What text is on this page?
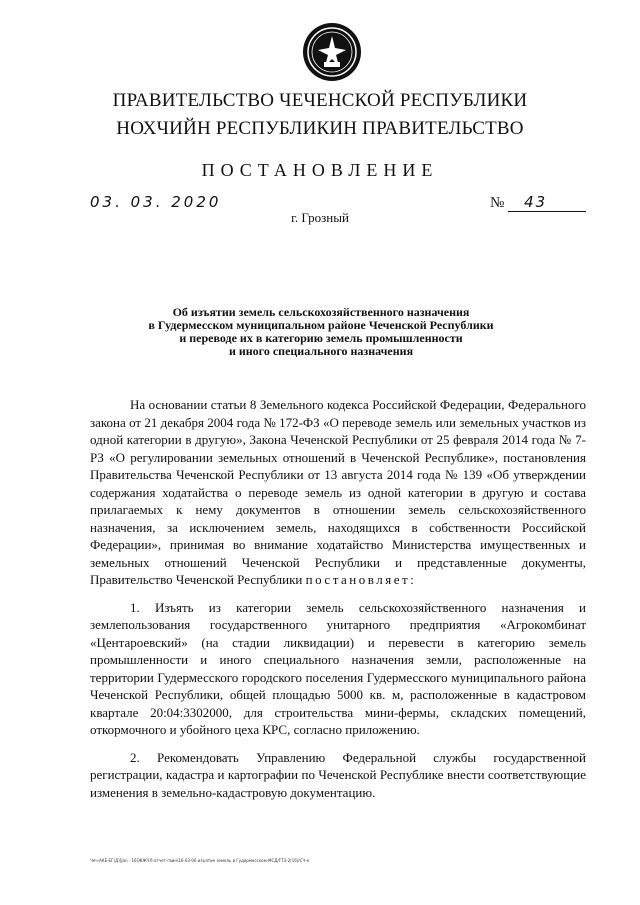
ПРАВИТЕЛЬСТВО ЧЕЧЕНСКОЙ РЕСПУБЛИКИ
НОХЧИЙН РЕСПУБЛИКИН ПРАВИТЕЛЬСТВО
ПОСТАНОВЛЕНИЕ
03. 03. 2020	№ 43
г. Грозный
Об изъятии земель сельскохозяйственного назначения
в Гудермесском муниципальном районе Чеченской Республики
и переводе их в категорию земель промышленности
и иного специального назначения

На основании статьи 8 Земельного кодекса Российской Федерации, Федерального закона от 21 декабря 2004 года № 172-ФЗ «О переводе земель или земельных участков из одной категории в другую», Закона Чеченской Республики от 25 февраля 2014 года № 7-РЗ «О регулировании земельных отношений в Чеченской Республике», постановления Правительства Чеченской Республики от 13 августа 2014 года № 139 «Об утверждении содержания ходатайства о переводе земель из одной категории в другую и состава прилагаемых к нему документов в отношении земель сельскохозяйственного назначения, за исключением земель, находящихся в собственности Российской Федерации», принимая во внимание ходатайство Министерства имущественных и земельных отношений Чеченской Республики и представленные документы, Правительство Чеченской Республики постановляет:

1. Изъять из категории земель сельскохозяйственного назначения и землепользования государственного унитарного предприятия «Агрокомбинат «Центароевский» (на стадии ликвидации) и перевести в категорию земель промышленности и иного специального назначения земли, расположенные на территории Гудермесского городского поселения Гудермесского муниципального района Чеченской Республики, общей площадью 5000 кв. м, расположенные в кадастровом квартале 20:04:3302000, для строительства мини-фермы, складских помещений, откормочного и убойного цеха КРС, согласно приложению.

2. Рекомендовать Управлению Федеральной службы государственной регистрации, кадастра и картографии по Чеченской Республике внести соответствующие изменения в земельно-кадастровую документацию.

Чеч-АКЕ-ЕГ(Д)[Jan - 16]ЖЖЧЛ-отчет-гвин\16-03-06 изъятие земель в Гудермесском-МСД/ГТ3-2(16)/СЧ-к
